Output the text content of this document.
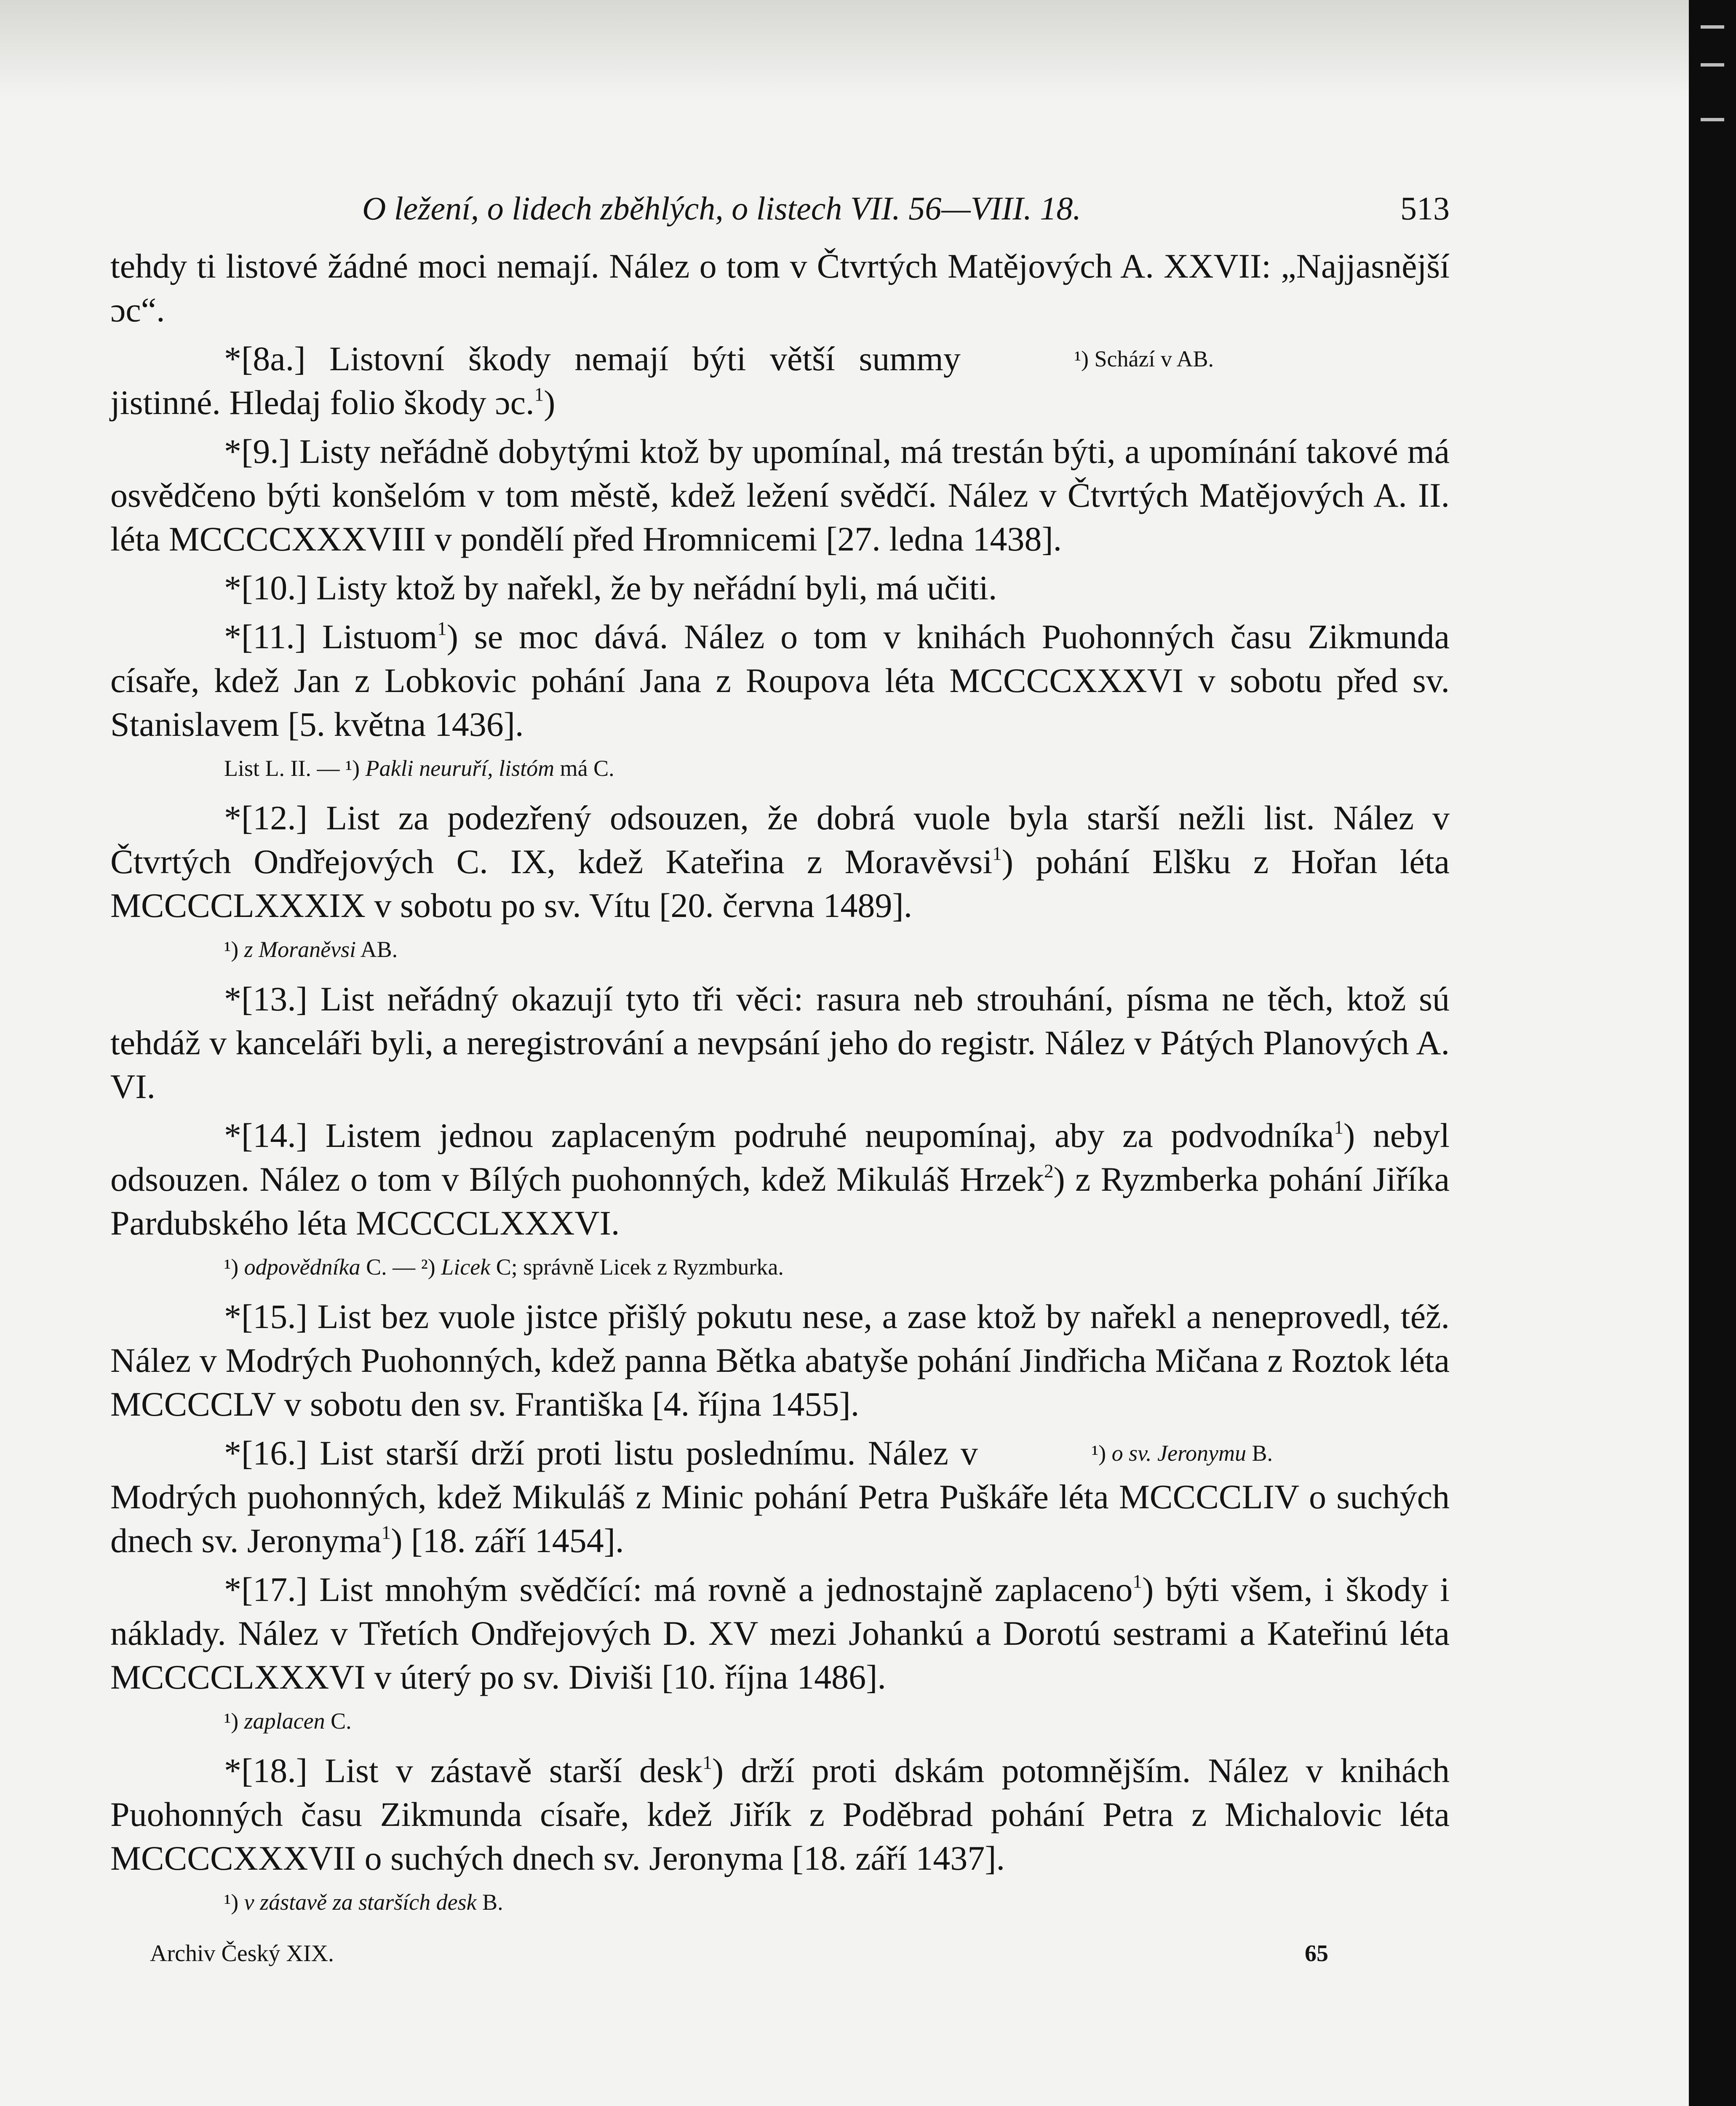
O ležení, o lidech zběhlých, o listech VII. 56—VIII. 18.	513

tehdy ti listové žádné moci nemají. Nález o tom v Čtvrtých Matějových A. XXVII: „Najjasnější ɔc“.

¹) Schází v AB.
*[8a.] Listovní škody nemají býti větší summy jistinné. Hledaj folio škody ɔc.$^1$)

*[9.] Listy neřádně dobytými ktož by upomínal, má trestán býti, a upomínání takové má osvědčeno býti konšelóm v tom městě, kdež ležení svědčí. Nález v Čtvrtých Matějových A. II. léta MCCCCXXXVIII v pondělí před Hromnicemi [27. ledna 1438].

*[10.] Listy ktož by nařekl, že by neřádní byli, má učiti.

*[11.] Listuom$^1$) se moc dává. Nález o tom v knihách Puohonných času Zikmunda císaře, kdež Jan z Lobkovic pohání Jana z Roupova léta MCCCCXXXVI v sobotu před sv. Stanislavem [5. května 1436].

List L. II. — ¹) Pakli neuruří, listóm má C.

*[12.] List za podezřený odsouzen, že dobrá vuole byla starší nežli list. Nález v Čtvrtých Ondřejových C. IX, kdež Kateřina z Moravěvsi$^1$) pohání Elšku z Hořan léta MCCCCLXXXIX v sobotu po sv. Vítu [20. června 1489].

¹) z Moraněvsi AB.

*[13.] List neřádný okazují tyto tři věci: rasura neb strouhání, písma ne těch, ktož sú tehdáž v kanceláři byli, a neregistrování a nevpsání jeho do registr. Nález v Pátých Planových A. VI.

*[14.] Listem jednou zaplaceným podruhé neupomínaj, aby za podvodníka$^1$) nebyl odsouzen. Nález o tom v Bílých puohonných, kdež Mikuláš Hrzek$^2$) z Ryzmberka pohání Jiříka Pardubského léta MCCCCLXXXVI.

¹) odpovědníka C. — ²) Licek C; správně Licek z Ryzmburka.

*[15.] List bez vuole jistce přišlý pokutu nese, a zase ktož by nařekl a neneprovedl, též. Nález v Modrých Puohonných, kdež panna Bětka abatyše pohání Jindřicha Mičana z Roztok léta MCCCCLV v sobotu den sv. Františka [4. října 1455].

¹) o sv. Jeronymu B.
*[16.] List starší drží proti listu poslednímu. Nález v Modrých puohonných, kdež Mikuláš z Minic pohání Petra Puškáře léta MCCCCLIV o suchých dnech sv. Jeronyma$^1$) [18. září 1454].

*[17.] List mnohým svědčící: má rovně a jednostajně zaplaceno$^1$) býti všem, i škody i náklady. Nález v Třetích Ondřejových D. XV mezi Johankú a Dorotú sestrami a Kateřinú léta MCCCCLXXXVI v úterý po sv. Diviši [10. října 1486].

¹) zaplacen C.

*[18.] List v zástavě starší desk$^1$) drží proti dskám potomnějším. Nález v knihách Puohonných času Zikmunda císaře, kdež Jiřík z Poděbrad pohání Petra z Michalovic léta MCCCCXXXVII o suchých dnech sv. Jeronyma [18. září 1437].

¹) v zástavě za starších desk B.
Archiv Český XIX.	65
